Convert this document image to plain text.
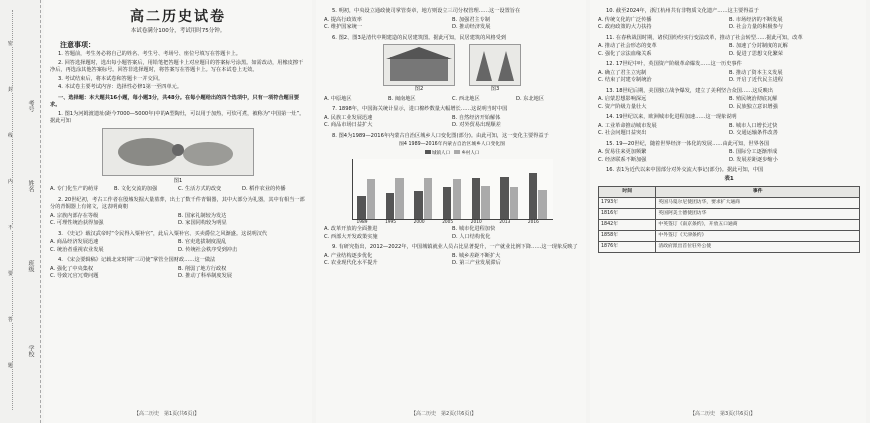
考号
姓名
班级
学校
密
封
线
内
不
要
答
题
高二历史试卷
本试卷满分100分，考试用时75分钟。
注意事项：
1. 答题前，考生务必将自己的姓名、考生号、考场号、座位号填写在答题卡上。
2. 回答选择题时，选出每小题答案后，用铅笔把答题卡上对应题目的答案标号涂黑。如需改动，用橡皮擦干净后，再选涂其他答案标号。回答非选择题时，将答案写在答题卡上。写在本试卷上无效。
3. 考试结束后，将本试卷和答题卡一并交回。
4. 本试卷主要考试内容：选择性必修1第一至四单元。
一、选择题：本大题共16小题，每小题3分，共48分。在每小题给出的四个选项中，只有一项符合题目要求。
1. 图1为河姆渡遗址(距今7000—5000年)中的A型陶灶，可以用于加热，可炊可煮，被称为“中国第一灶”。据此可知
图1
A. 专门化生产的萌芽	B. 文化交流的加强	C. 生活方式的改变	D. 稻作农业的传播
2. 20世纪初，考古工作者在殷墟发掘大量墓葬，出土了数千件青铜器，其中大部分为礼器，其中有相当一部分的青铜器上有铭文，这表明商朝
A. 宗族内部存在等级	B. 国家礼制较为发达
C. 可理性统治获得加强	D. 家国同构较为明显
3. 《史记》载汉武帝时“令民得入粟补官”，此后入粟补官、买卖爵位之风渐盛。这说明汉代
A. 商品经济发展迅速	B. 官吏选拔制度混乱
C. 统治者重视农业发展	D. 传统社会秩序受到冲击
4. 《宋会要辑稿》记载北宋时期“三司使”掌管全国财政……这一做法
A. 强化了中央集权	B. 削弱了地方行政权
C. 导致冗官冗费问题	D. 推动了科举制度发展
【高二历史　第1页(共6页)】
5. 明初，中央设立通政使司掌管奏章，地方则设立三司分权管理……这一设置旨在
A. 提高行政效率	B. 加强君主专制
C. 维护国家统一	D. 推动经济发展
6. 图2、图3是清代中期建造的民居建筑图。据此可知，民居建筑的风格受到
图2	图3
A. 中原地区	B. 闽南地区	C. 西北地区	D. 东北地区
7. 1898年，中国海关统计显示，进口棉纱数量大幅增长……这说明当时中国
A. 民族工业发展迅速	B. 自然经济开始解体
C. 商品市场日益扩大	D. 对外贸易出现顺差
8. 图4为1989—2016年内蒙古自治区城乡人口变化图(部分)。由此可知，这一变化主要得益于
图4 1989—2016年内蒙古自治区城乡人口变化图
城镇人口	乡村人口
1989	1995	2000	2005	2010	2013	2016
A. 改革开放的全面推进	B. 城市化进程加快
C. 西部大开发政策实施	D. 人口结构优化
9. 有研究指出，2012—2022年，中国城镇就业人员占比显著提升，一产就业比例下降……这一现象反映了
A. 产业结构逐步优化	B. 城乡差距不断扩大
C. 农业现代化水平提升	D. 第三产业发展滞后
【高二历史　第2页(共6页)】
10. 截至2024年，浙江杭州共有非物质文化遗产……这主要得益于
A. 传统文化的广泛传播	B. 市场经济的不断发展
C. 政府政策的大力扶持	D. 社会力量的积极参与
11. 在春秋战国时期，诸侯国纷纷实行变法改革，推动了社会转型……据此可知，改革
A. 推动了社会形态的变革	B. 加速了分封制度的瓦解
C. 强化了宗法血缘关系	D. 促进了思想文化繁荣
12. 17世纪中叶，英国资产阶级革命爆发……这一历史事件
A. 确立了君主立宪制	B. 推动了资本主义发展
C. 结束了封建专制统治	D. 开启了近代民主进程
13. 18世纪后期，美国独立战争爆发，建立了美利坚合众国……这反映出
A. 启蒙思想影响深远	B. 殖民统治彻底瓦解
C. 资产阶级力量壮大	D. 民族独立意识增强
14. 19世纪以来，欧洲城市化进程加速……这一现象说明
A. 工业革命推动城市发展	B. 城市人口增长过快
C. 社会问题日益突出	D. 交通运输条件改善
15. 19—20世纪，随着世界经济一体化的发展……由此可知，世界各国
A. 贸易往来更加频繁	B. 国际分工逐渐形成
C. 经济联系不断加强	D. 发展差距逐步缩小
16. 表1为近代以来中国部分对外交流大事记(部分)。据此可知，中国
表1
时间	事件
1793年	英国马戛尔尼使团访华，要求扩大通商
1816年	英国阿美士德使团访华
1842年	中英签订《南京条约》，开放五口通商
1858年	中外签订《天津条约》
1876年	清政府派出首位驻外公使
【高二历史　第3页(共6页)】
